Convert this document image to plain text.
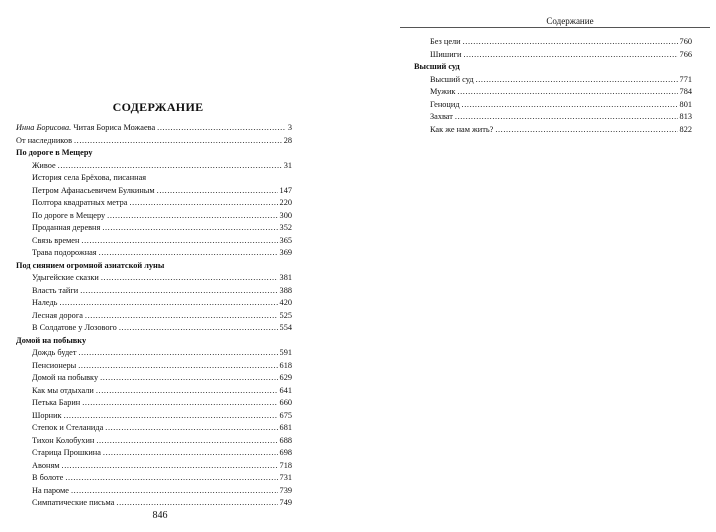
СОДЕРЖАНИЕ
Инна Борисова. Читая Бориса Можаева .....	3
От наследников .....	28
По дороге в Мещеру
Живое .....	31
История села Брёхова, писанная
Петром Афанасьевичем Булкиным .....	147
Полтора квадратных метра .....	220
По дороге в Мещеру .....	300
Проданная деревня .....	352
Связь времен .....	365
Трава подорожная .....	369
Под сиянием огромной азиатской луны
Удыгейские сказки .....	381
Власть тайги .....	388
Наледь .....	420
Лесная дорога .....	525
В Солдатове у Лозового .....	554
Домой на побывку
Дождь будет .....	591
Пенсионеры .....	618
Домой на побывку .....	629
Как мы отдыхали .....	641
Петька Барин .....	660
Шорник .....	675
Степок и Стеланида .....	681
Тихон Колобухин .....	688
Старица Прошкина .....	698
Авоням .....	718
В болоте .....	731
На пароме .....	739
Симпатические письма .....	749
846
Содержание
Без цели .....	760
Шишиги .....	766
Высший суд
Высший суд .....	771
Мужик .....	784
Геноцид .....	801
Захват .....	813
Как же нам жить? .....	822
